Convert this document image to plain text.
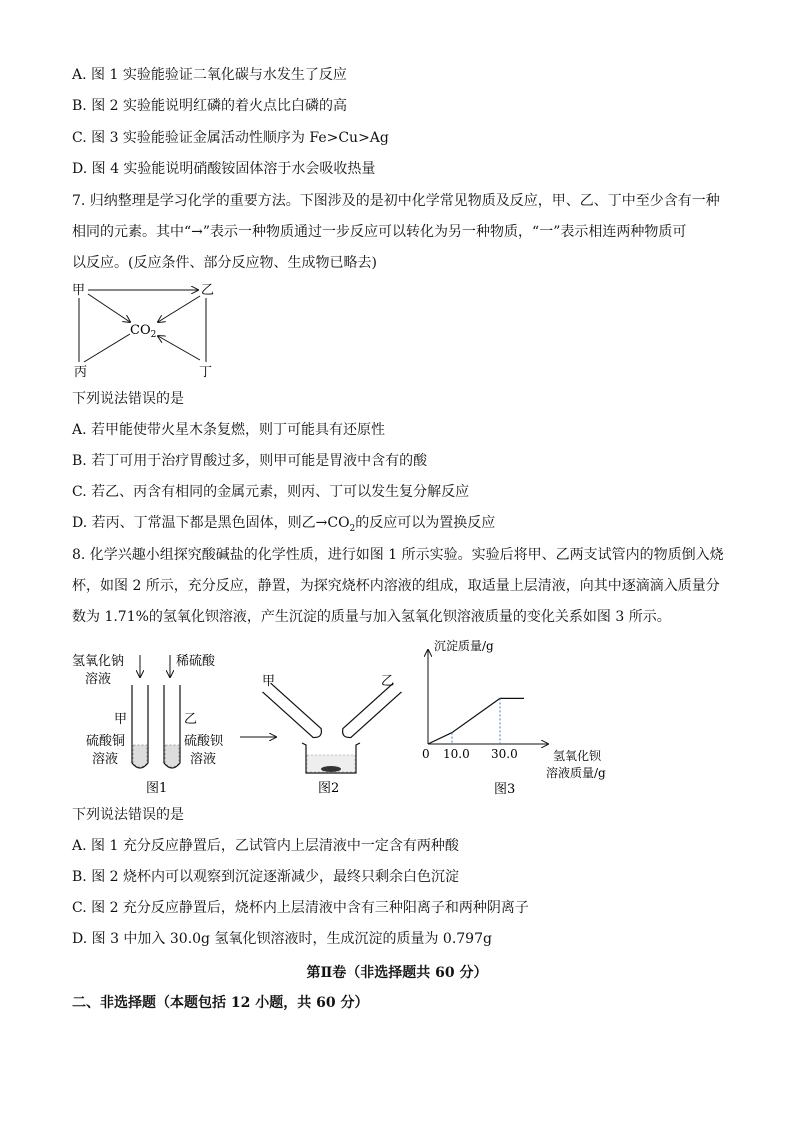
A. 图 1 实验能验证二氧化碳与水发生了反应
B. 图 2 实验能说明红磷的着火点比白磷的高
C. 图 3 实验能验证金属活动性顺序为 Fe>Cu>Ag
D. 图 4 实验能说明硝酸铵固体溶于水会吸收热量
7. 归纳整理是学习化学的重要方法。下图涉及的是初中化学常见物质及反应，甲、乙、丁中至少含有一种
相同的元素。其中“→”表示一种物质通过一步反应可以转化为另一种物质，“一”表示相连两种物质可
以反应。(反应条件、部分反应物、生成物已略去)
甲	乙
丙	丁
$CO_2$
下列说法错误的是
A. 若甲能使带火星木条复燃，则丁可能具有还原性
B. 若丁可用于治疗胃酸过多，则甲可能是胃液中含有的酸
C. 若乙、丙含有相同的金属元素，则丙、丁可以发生复分解反应
D. 若丙、丁常温下都是黑色固体，则乙$\to CO_2$的反应可以为置换反应
8. 化学兴趣小组探究酸碱盐的化学性质，进行如图 1 所示实验。实验后将甲、乙两支试管内的物质倒入烧
杯，如图 2 所示，充分反应，静置，为探究烧杯内溶液的组成，取适量上层清液，向其中逐滴滴入质量分
数为 1.71%的氢氧化钡溶液，产生沉淀的质量与加入氢氧化钡溶液质量的变化关系如图 3 所示。
氢氧化钠
溶液
稀硫酸
甲	乙
硫酸铜
溶液
硫酸钡
溶液
图1
甲	乙
图2
沉淀质量/g
0 10.0 30.0	氢氧化钡
溶液质量/g
图3
下列说法错误的是
A. 图 1 充分反应静置后，乙试管内上层清液中一定含有两种酸
B. 图 2 烧杯内可以观察到沉淀逐渐减少，最终只剩余白色沉淀
C. 图 2 充分反应静置后，烧杯内上层清液中含有三种阳离子和两种阴离子
D. 图 3 中加入 30.0g 氢氧化钡溶液时，生成沉淀的质量为 0.797g
第Ⅱ卷（非选择题共 60 分）
二、非选择题（本题包括 12 小题，共 60 分）
